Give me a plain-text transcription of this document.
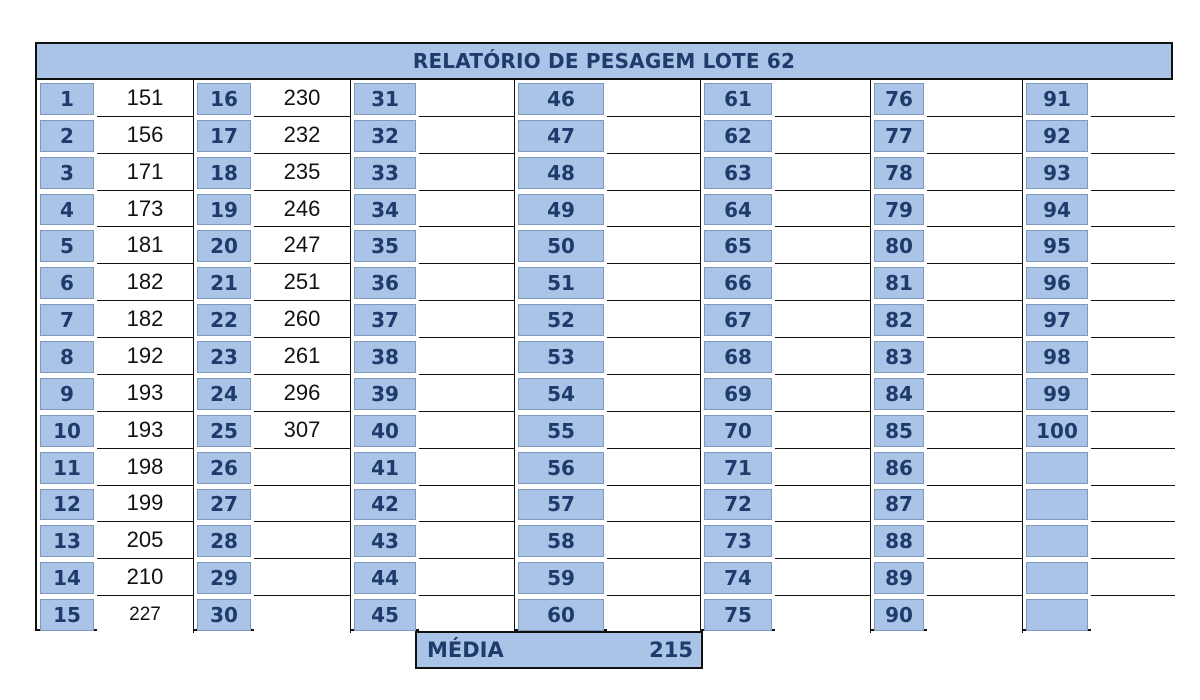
RELATÓRIO DE PESAGEM LOTE 62
1	151
2	156
3	171
4	173
5	181
6	182
7	182
8	192
9	193
10	193
11	198
12	199
13	205
14	210
15	227
16	230
17	232
18	235
19	246
20	247
21	251
22	260
23	261
24	296
25	307
26
27
28
29
30
31
32
33
34
35
36
37
38
39
40
41
42
43
44
45
46
47
48
49
50
51
52
53
54
55
56
57
58
59
60
61
62
63
64
65
66
67
68
69
70
71
72
73
74
75
76
77
78
79
80
81
82
83
84
85
86
87
88
89
90
91
92
93
94
95
96
97
98
99
100
MÉDIA	215
